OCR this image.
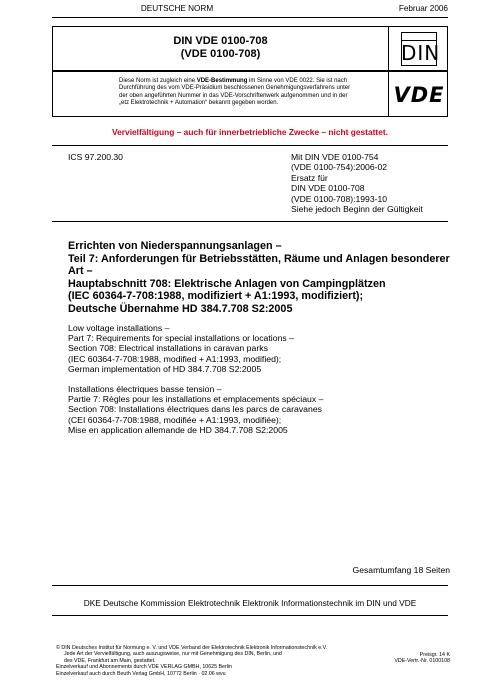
DEUTSCHE NORM	Februar 2006
DIN VDE 0100-708
(VDE 0100-708)	DIN
Diese Norm ist zugleich eine VDE-Bestimmung im Sinne von VDE 0022. Sie ist nach
Durchführung des vom VDE-Präsidium beschlossenen Genehmigungsverfahrens unter
der oben angeführten Nummer in das VDE-Vorschriftenwerk aufgenommen und in der
„etz Elektrotechnik + Automation“ bekannt gegeben worden.	VDE
Vervielfältigung – auch für innerbetriebliche Zwecke – nicht gestattet.
ICS 97.200.30	Mit DIN VDE 0100-754
(VDE 0100-754):2006-02
Ersatz für
DIN VDE 0100-708
(VDE 0100-708):1993-10
Siehe jedoch Beginn der Gültigkeit
Errichten von Niederspannungsanlagen –
Teil 7: Anforderungen für Betriebsstätten, Räume und Anlagen besonderer
Art –
Hauptabschnitt 708: Elektrische Anlagen von Campingplätzen
(IEC 60364-7-708:1988, modifiziert + A1:1993, modifiziert);
Deutsche Übernahme HD 384.7.708 S2:2005
Low voltage installations –
Part 7: Requirements for special installations or locations –
Section 708: Electrical installations in caravan parks
(IEC 60364-7-708:1988, modified + A1:1993, modified);
German implementation of HD 384.7.708 S2:2005
Installations électriques basse tension –
Partie 7: Règles pour les installations et emplacements spéciaux –
Section 708: Installations électriques dans les parcs de caravanes
(CEI 60364-7-708:1988, modifiée + A1:1993, modifiée);
Mise en application allemande de HD 384.7.708 S2:2005
Gesamtumfang 18 Seiten
DKE Deutsche Kommission Elektrotechnik Elektronik Informationstechnik im DIN und VDE
© DIN Deutsches Institut für Normung e. V. und VDE Verband der Elektrotechnik Elektronik Informationstechnik e.V.
Jede Art der Vervielfältigung, auch auszugsweise, nur mit Genehmigung des DIN, Berlin, und
des VDE, Frankfurt am Main, gestattet.
Einzelverkauf und Abonnements durch VDE VERLAG GMBH, 10625 Berlin
Einzelverkauf auch durch Beuth Verlag GmbH, 10772 Berlin · 02.06 wvu
Preisgr. 14 K
VDE-Vertr.-Nr. 0100108
